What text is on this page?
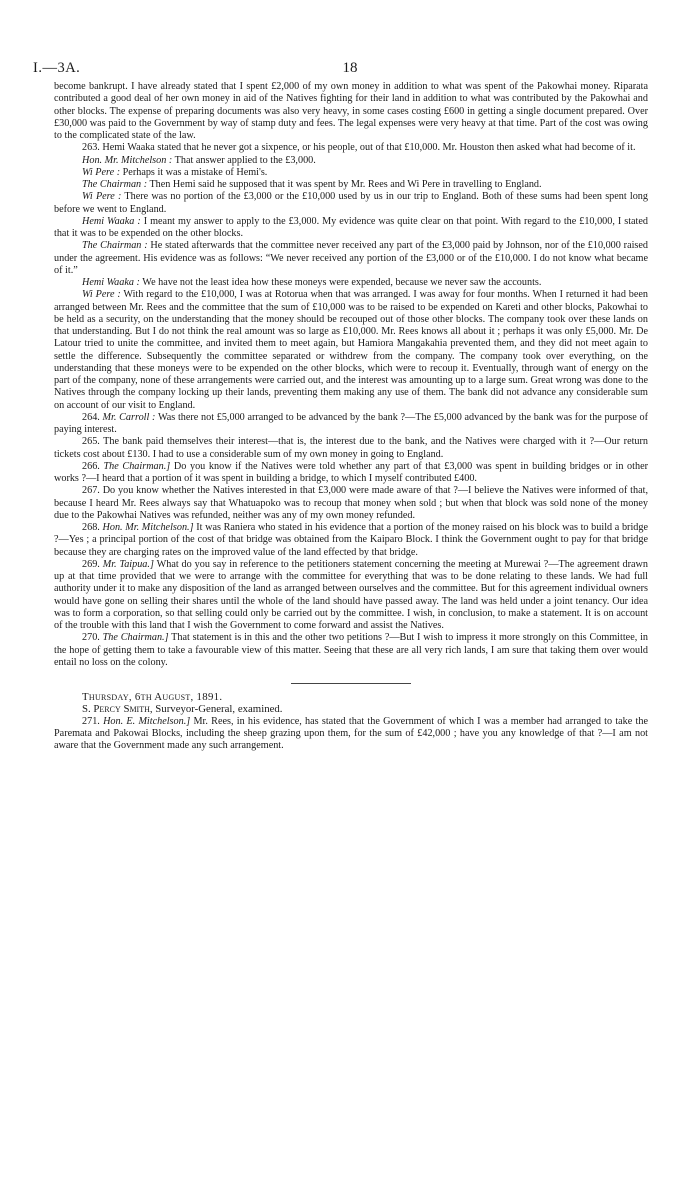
I.—3A.	18

become bankrupt. I have already stated that I spent £2,000 of my own money in addition to what was spent of the Pakowhai money. Riparata contributed a good deal of her own money in aid of the Natives fighting for their land in addition to what was contributed by the Pakowhai and other blocks. The expense of preparing documents was also very heavy, in some cases costing £600 in getting a single document prepared. Over £30,000 was paid to the Government by way of stamp duty and fees. The legal expenses were very heavy at that time. Part of the cost was owing to the complicated state of the law.

263. Hemi Waaka stated that he never got a sixpence, or his people, out of that £10,000. Mr. Houston then asked what had become of it.

Hon. Mr. Mitchelson : That answer applied to the £3,000.

Wi Pere : Perhaps it was a mistake of Hemi's.

The Chairman : Then Hemi said he supposed that it was spent by Mr. Rees and Wi Pere in travelling to England.

Wi Pere : There was no portion of the £3,000 or the £10,000 used by us in our trip to England. Both of these sums had been spent long before we went to England.

Hemi Waaka : I meant my answer to apply to the £3,000. My evidence was quite clear on that point. With regard to the £10,000, I stated that it was to be expended on the other blocks.

The Chairman : He stated afterwards that the committee never received any part of the £3,000 paid by Johnson, nor of the £10,000 raised under the agreement. His evidence was as follows: “We never received any portion of the £3,000 or of the £10,000. I do not know what became of it.”

Hemi Waaka : We have not the least idea how these moneys were expended, because we never saw the accounts.

Wi Pere : With regard to the £10,000, I was at Rotorua when that was arranged. I was away for four months. When I returned it had been arranged between Mr. Rees and the committee that the sum of £10,000 was to be raised to be expended on Kareti and other blocks, Pakowhai to be held as a security, on the understanding that the money should be recouped out of those other blocks. The company took over these lands on that understanding. But I do not think the real amount was so large as £10,000. Mr. Rees knows all about it ; perhaps it was only £5,000. Mr. De Latour tried to unite the committee, and invited them to meet again, but Hamiora Mangakahia prevented them, and they did not meet again to settle the difference. Subsequently the committee separated or withdrew from the company. The company took over everything, on the understanding that these moneys were to be expended on the other blocks, which were to recoup it. Eventually, through want of energy on the part of the company, none of these arrangements were carried out, and the interest was amounting up to a large sum. Great wrong was done to the Natives through the company locking up their lands, preventing them making any use of them. The bank did not advance any considerable sum on account of our visit to England.

264. Mr. Carroll : Was there not £5,000 arranged to be advanced by the bank ?—The £5,000 advanced by the bank was for the purpose of paying interest.

265. The bank paid themselves their interest—that is, the interest due to the bank, and the Natives were charged with it ?—Our return tickets cost about £130. I had to use a considerable sum of my own money in going to England.

266. The Chairman.] Do you know if the Natives were told whether any part of that £3,000 was spent in building bridges or in other works ?—I heard that a portion of it was spent in building a bridge, to which I myself contributed £400.

267. Do you know whether the Natives interested in that £3,000 were made aware of that ?—I believe the Natives were informed of that, because I heard Mr. Rees always say that Whatuapoko was to recoup that money when sold ; but when that block was sold none of the money due to the Pakowhai Natives was refunded, neither was any of my own money refunded.

268. Hon. Mr. Mitchelson.] It was Raniera who stated in his evidence that a portion of the money raised on his block was to build a bridge ?—Yes ; a principal portion of the cost of that bridge was obtained from the Kaiparo Block. I think the Government ought to pay for that bridge because they are charging rates on the improved value of the land effected by that bridge.

269. Mr. Taipua.] What do you say in reference to the petitioners statement concerning the meeting at Murewai ?—The agreement drawn up at that time provided that we were to arrange with the committee for everything that was to be done relating to these lands. We had full authority under it to make any disposition of the land as arranged between ourselves and the committee. But for this agreement individual owners would have gone on selling their shares until the whole of the land should have passed away. The land was held under a joint tenancy. Our idea was to form a corporation, so that selling could only be carried out by the committee. I wish, in conclusion, to make a statement. It is on account of the trouble with this land that I wish the Government to come forward and assist the Natives.

270. The Chairman.] That statement is in this and the other two petitions ?—But I wish to impress it more strongly on this Committee, in the hope of getting them to take a favourable view of this matter. Seeing that these are all very rich lands, I am sure that taking them over would entail no loss on the colony.

Thursday, 6th August, 1891.

S. Percy Smith, Surveyor-General, examined.

271. Hon. E. Mitchelson.] Mr. Rees, in his evidence, has stated that the Government of which I was a member had arranged to take the Paremata and Pakowai Blocks, including the sheep grazing upon them, for the sum of £42,000 ; have you any knowledge of that ?—I am not aware that the Government made any such arrangement.
